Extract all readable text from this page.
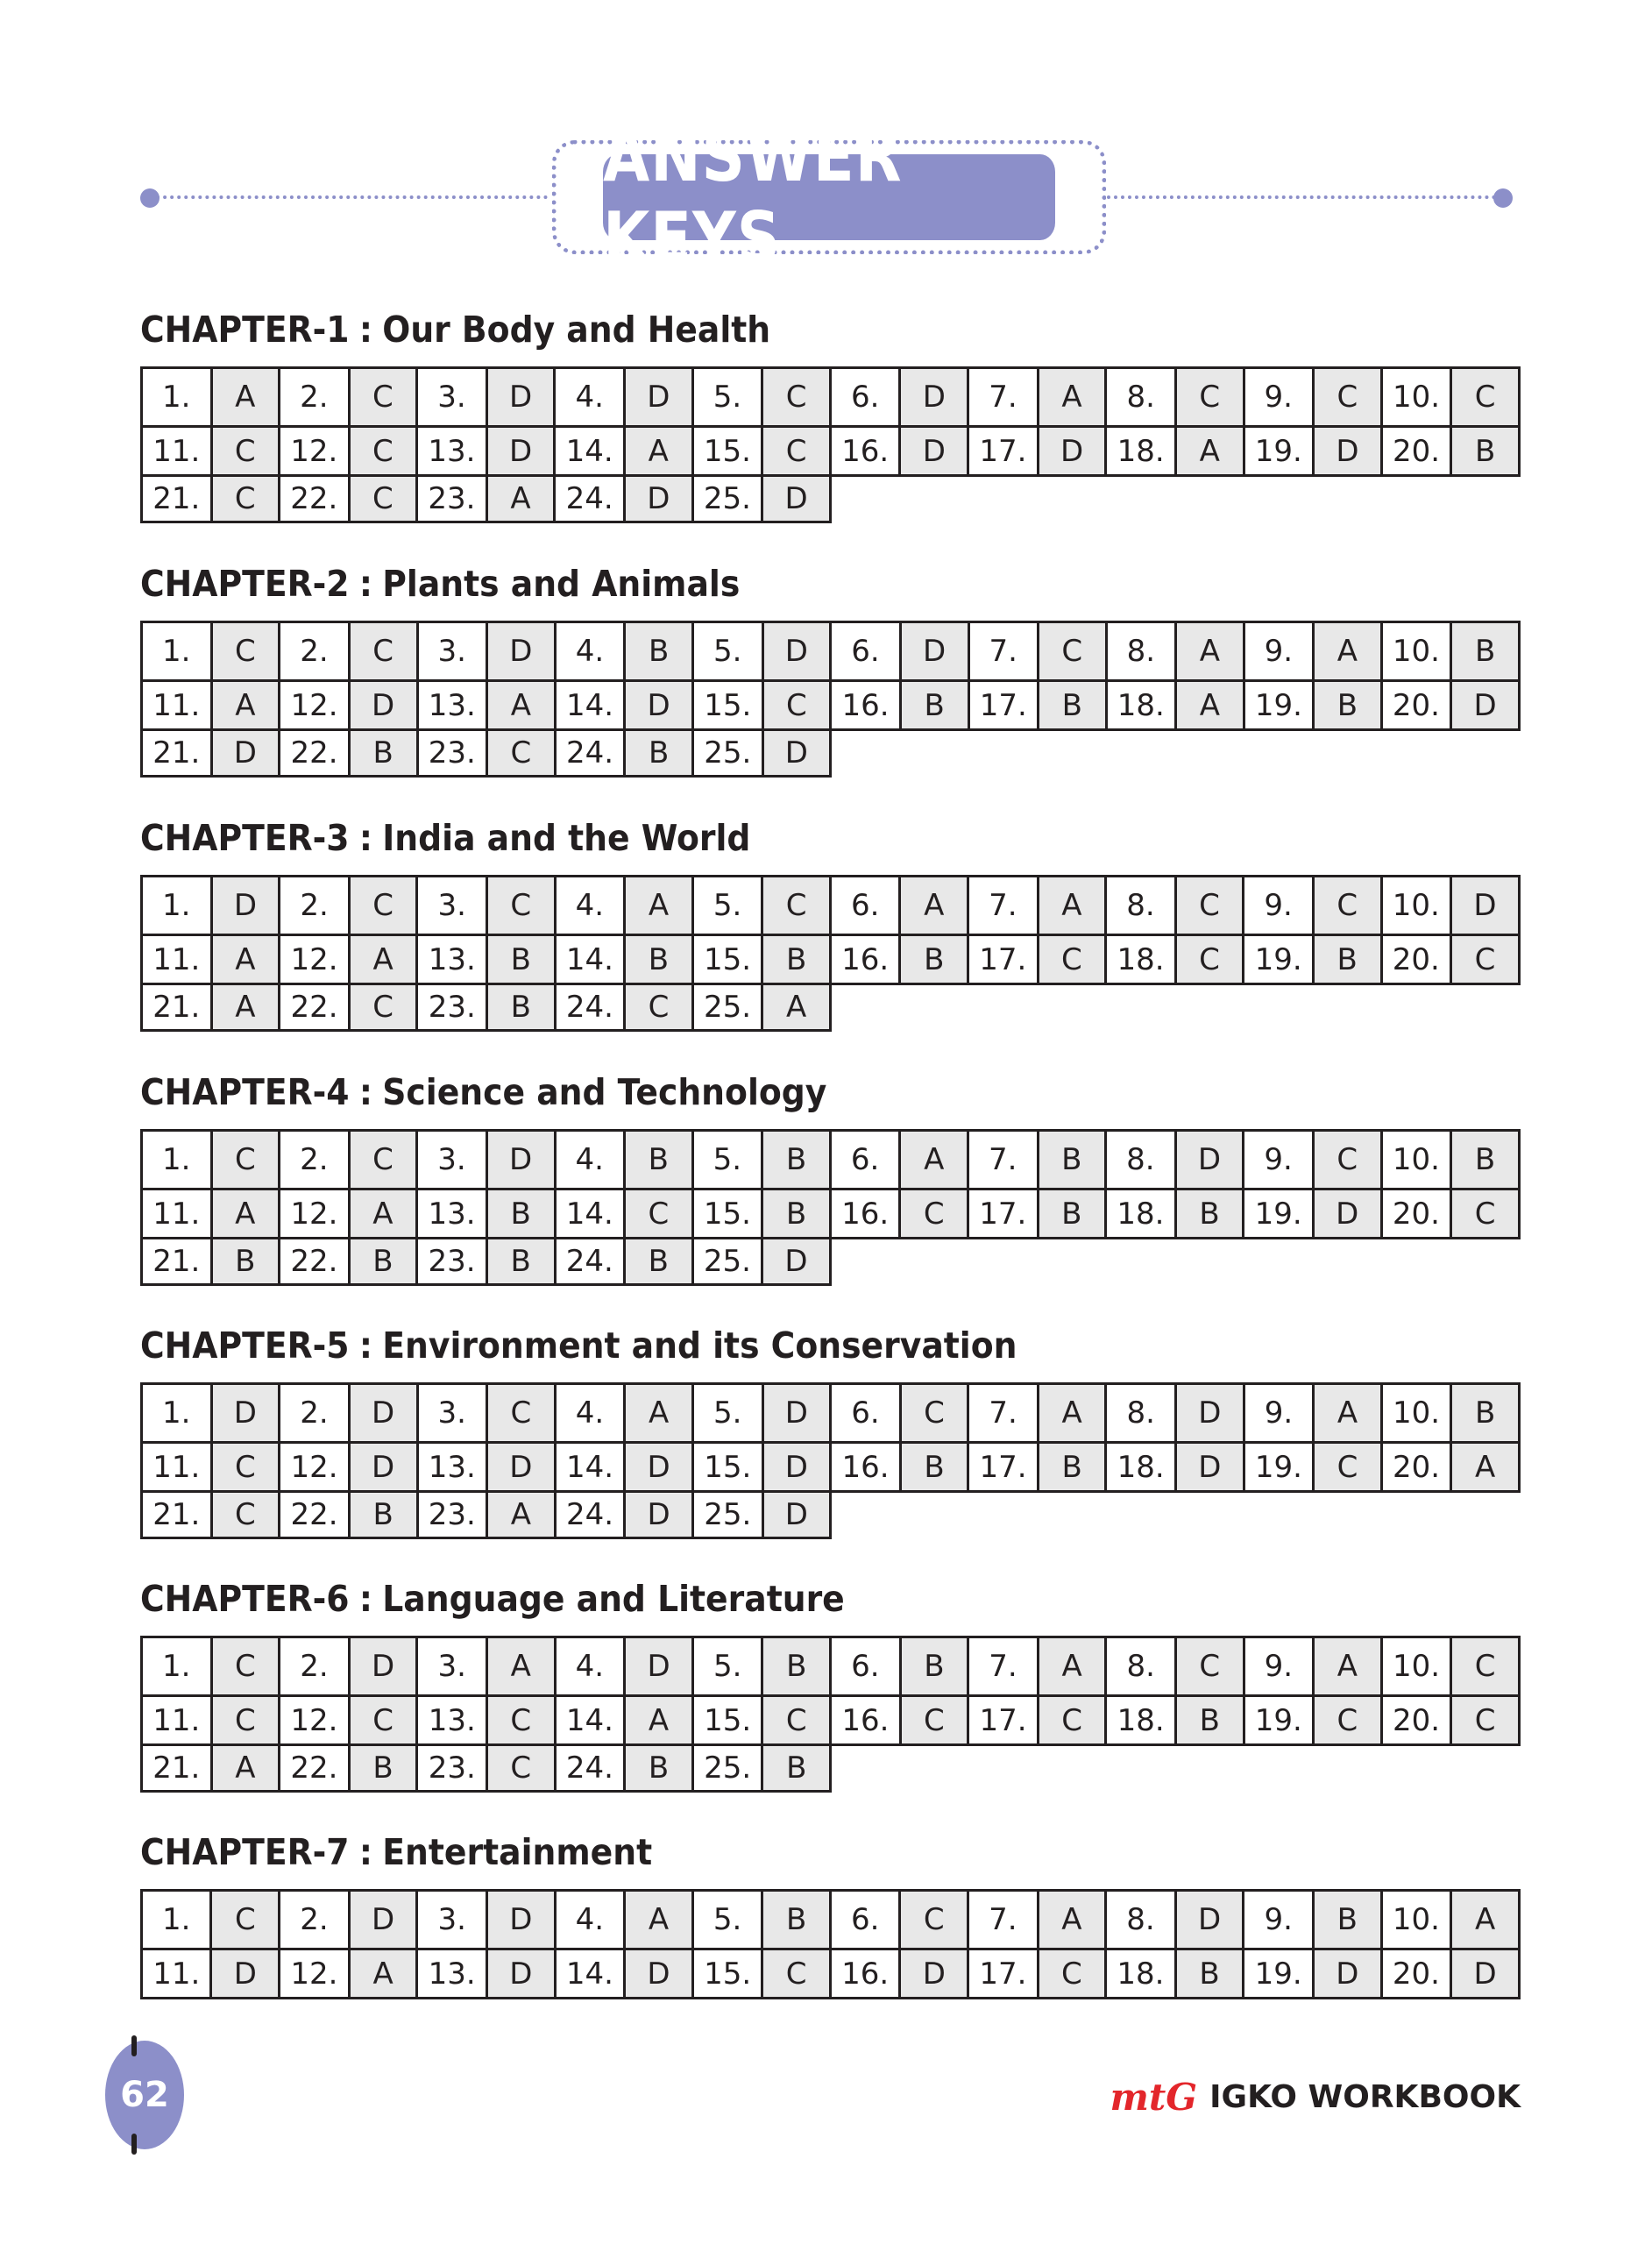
ANSWER KEYS
CHAPTER-1 : Our Body and Health
1.	A	2.	C	3.	D	4.	D	5.	C	6.	D	7.	A	8.	C	9.	C	10.	C
11.	C	12.	C	13.	D	14.	A	15.	C	16.	D	17.	D	18.	A	19.	D	20.	B
21.	C	22.	C	23.	A	24.	D	25.	D										
CHAPTER-2 : Plants and Animals
1.	C	2.	C	3.	D	4.	B	5.	D	6.	D	7.	C	8.	A	9.	A	10.	B
11.	A	12.	D	13.	A	14.	D	15.	C	16.	B	17.	B	18.	A	19.	B	20.	D
21.	D	22.	B	23.	C	24.	B	25.	D										
CHAPTER-3 : India and the World
1.	D	2.	C	3.	C	4.	A	5.	C	6.	A	7.	A	8.	C	9.	C	10.	D
11.	A	12.	A	13.	B	14.	B	15.	B	16.	B	17.	C	18.	C	19.	B	20.	C
21.	A	22.	C	23.	B	24.	C	25.	A										
CHAPTER-4 : Science and Technology
1.	C	2.	C	3.	D	4.	B	5.	B	6.	A	7.	B	8.	D	9.	C	10.	B
11.	A	12.	A	13.	B	14.	C	15.	B	16.	C	17.	B	18.	B	19.	D	20.	C
21.	B	22.	B	23.	B	24.	B	25.	D										
CHAPTER-5 : Environment and its Conservation
1.	D	2.	D	3.	C	4.	A	5.	D	6.	C	7.	A	8.	D	9.	A	10.	B
11.	C	12.	D	13.	D	14.	D	15.	D	16.	B	17.	B	18.	D	19.	C	20.	A
21.	C	22.	B	23.	A	24.	D	25.	D										
CHAPTER-6 : Language and Literature
1.	C	2.	D	3.	A	4.	D	5.	B	6.	B	7.	A	8.	C	9.	A	10.	C
11.	C	12.	C	13.	C	14.	A	15.	C	16.	C	17.	C	18.	B	19.	C	20.	C
21.	A	22.	B	23.	C	24.	B	25.	B										
CHAPTER-7 : Entertainment
1.	C	2.	D	3.	D	4.	A	5.	B	6.	C	7.	A	8.	D	9.	B	10.	A
11.	D	12.	A	13.	D	14.	D	15.	C	16.	D	17.	C	18.	B	19.	D	20.	D
62	mtG IGKO WORKBOOK
